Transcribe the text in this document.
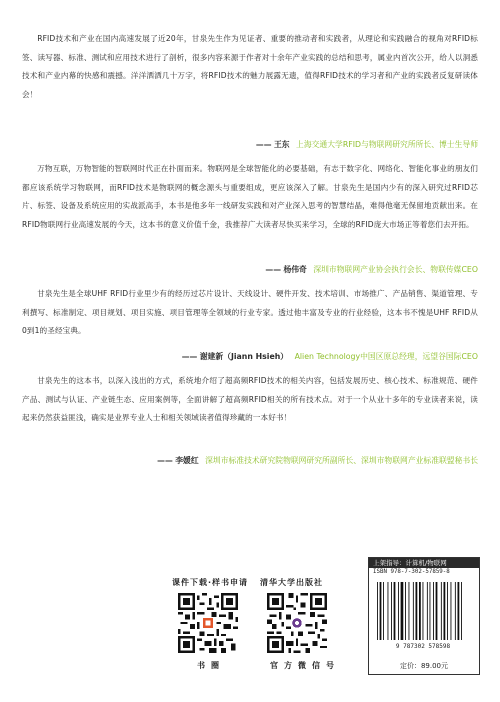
RFID技术和产业在国内高速发展了近20年，甘泉先生作为见证者、重要的推动者和实践者，从理论和实践融合的视角对RFID标签、读写器、标准、测试和应用技术进行了剖析，很多内容来源于作者对十余年产业实践的总结和思考，属业内首次公开，给人以洞悉技术和产业内幕的快感和震撼。洋洋洒洒几十万字，将RFID技术的魅力展露无遗，值得RFID技术的学习者和产业的实践者反复研读体会！

—— 王东 上海交通大学RFID与物联网研究所所长、博士生导师

万物互联，万物智能的智联网时代正在扑面而来。物联网是全球智能化的必要基础，有志于数字化、网络化、智能化事业的朋友们都应该系统学习物联网，而RFID技术是物联网的概念源头与重要组成，更应该深入了解。甘泉先生是国内少有的深入研究过RFID芯片、标签、设备及系统应用的实战派高手，本书是他多年一线研发实践和对产业深入思考的智慧结晶，难得他毫无保留地贡献出来。在RFID物联网行业高速发展的今天，这本书的意义价值千金，我推荐广大读者尽快买来学习，全球的RFID庞大市场正等着您们去开拓。

—— 杨伟奇 深圳市物联网产业协会执行会长、物联传媒CEO

甘泉先生是全球UHF RFID行业里少有的经历过芯片设计、天线设计、硬件开发、技术培训、市场推广、产品销售、渠道管理、专利撰写、标准制定、项目规划、项目实施、项目管理等全领域的行业专家。透过他丰富及专业的行业经验，这本书不愧是UHF RFID从0到1的圣经宝典。

—— 谢建新（Jiann Hsieh） Alien Technology中国区原总经理，远望谷国际CEO

甘泉先生的这本书，以深入浅出的方式，系统地介绍了超高频RFID技术的相关内容，包括发展历史、核心技术、标准规范、硬件产品、测试与认证、产业链生态、应用案例等，全面讲解了超高频RFID相关的所有技术点。对于一个从业十多年的专业读者来说，读起来仍然获益匪浅，确实是业界专业人士和相关领域读者值得珍藏的一本好书！

—— 李媛红 深圳市标准技术研究院物联网研究所副所长、深圳市物联网产业标准联盟秘书长
课件下载·样书申请 清华大学出版社
书圈	官方微信号
上架指导：计算机/物联网
ISBN 978-7-302-57859-8
9 787302 578598
定价：89.00元
